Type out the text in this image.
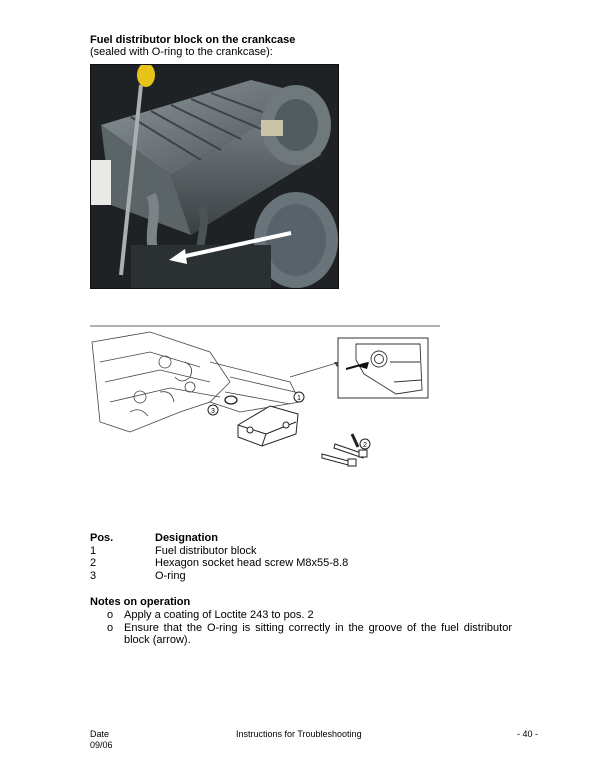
Fuel distributor block on the crankcase
(sealed with O-ring to the crankcase):
1
2
3
Pos.	Designation
1	Fuel distributor block
2	Hexagon socket head screw M8x55-8.8
3	O-ring
Notes on operation
o Apply a coating of Loctite 243 to pos. 2
o Ensure that the O-ring is sitting correctly in the groove of the fuel distributor block (arrow).
Date
09/06
Instructions for Troubleshooting	- 40 -
